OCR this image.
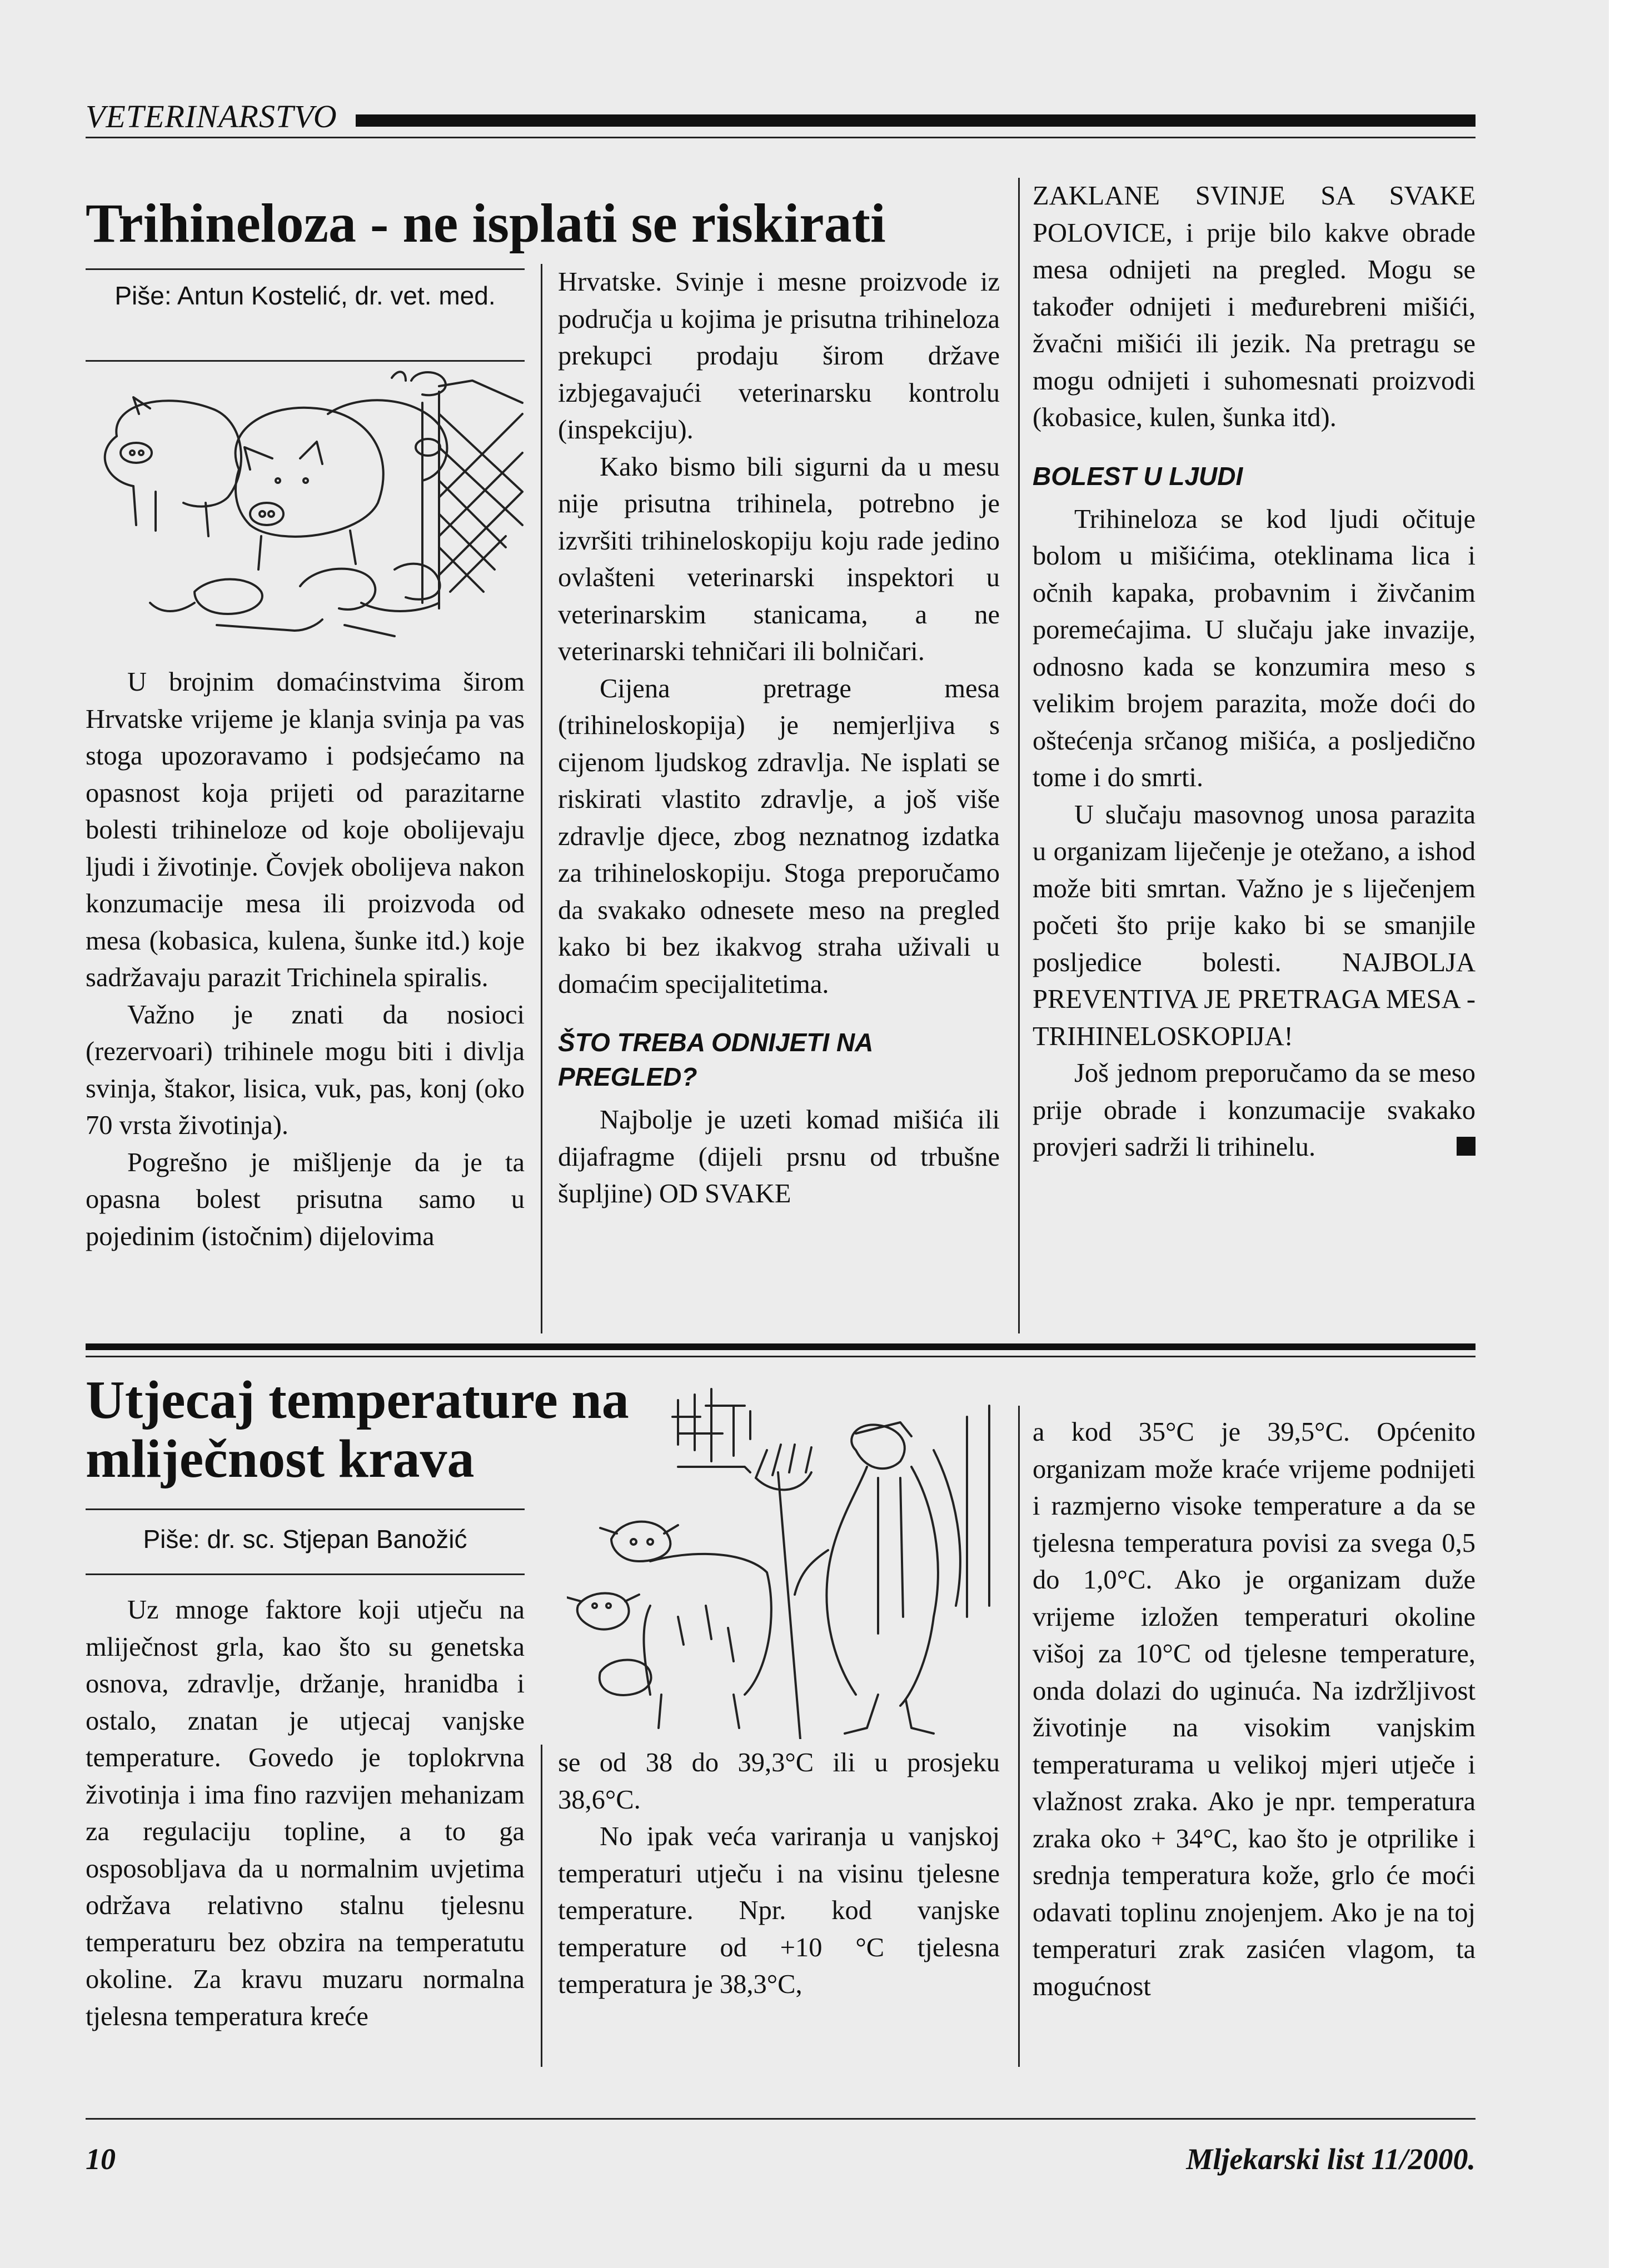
VETERINARSTVO
Trihineloza - ne isplati se riskirati
Piše: Antun Kostelić, dr. vet. med.

U brojnim domaćinstvima širom Hrvatske vrijeme je klanja svinja pa vas stoga upozoravamo i podsjećamo na opasnost koja prijeti od parazitarne bolesti trihineloze od koje obolijevaju ljudi i životinje. Čovjek obolijeva nakon konzumacije mesa ili proizvoda od mesa (kobasica, kulena, šunke itd.) koje sadržavaju parazit Trichinela spiralis.

Važno je znati da nosioci (rezervoari) trihinele mogu biti i divlja svinja, štakor, lisica, vuk, pas, konj (oko 70 vrsta životinja).

Pogrešno je mišljenje da je ta opasna bolest prisutna samo u pojedinim (istočnim) dijelovima

Hrvatske. Svinje i mesne proizvode iz područja u kojima je prisutna trihineloza prekupci prodaju širom države izbjegavajući veterinarsku kontrolu (inspekciju).

Kako bismo bili sigurni da u mesu nije prisutna trihinela, potrebno je izvršiti trihineloskopiju koju rade jedino ovlašteni veterinarski inspektori u veterinarskim stanicama, a ne veterinarski tehničari ili bolničari.

Cijena pretrage mesa (trihineloskopija) je nemjerljiva s cijenom ljudskog zdravlja. Ne isplati se riskirati vlastito zdravlje, a još više zdravlje djece, zbog neznatnog izdatka za trihineloskopiju. Stoga preporučamo da svakako odnesete meso na pregled kako bi bez ikakvog straha uživali u domaćim specijalitetima.

ŠTO TREBA ODNIJETI NA PREGLED?

Najbolje je uzeti komad mišića ili dijafragme (dijeli prsnu od trbušne šupljine) OD SVAKE

ZAKLANE SVINJE SA SVAKE POLOVICE, i prije bilo kakve obrade mesa odnijeti na pregled. Mogu se također odnijeti i međurebreni mišići, žvačni mišići ili jezik. Na pretragu se mogu odnijeti i suhomesnati proizvodi (kobasice, kulen, šunka itd).

BOLEST U LJUDI

Trihineloza se kod ljudi očituje bolom u mišićima, oteklinama lica i očnih kapaka, probavnim i živčanim poremećajima. U slučaju jake invazije, odnosno kada se konzumira meso s velikim brojem parazita, može doći do oštećenja srčanog mišića, a posljedično tome i do smrti.

U slučaju masovnog unosa parazita u organizam liječenje je otežano, a ishod može biti smrtan. Važno je s liječenjem početi što prije kako bi se smanjile posljedice bolesti. NAJBOLJA PREVENTIVA JE PRETRAGA MESA - TRIHINELOSKOPIJA!

Još jednom preporučamo da se meso prije obrade i konzumacije svakako provjeri sadrži li trihinelu.

Utjecaj temperature na mliječnost krava
Piše: dr. sc. Stjepan Banožić

Uz mnoge faktore koji utječu na mliječnost grla, kao što su genetska osnova, zdravlje, držanje, hranidba i ostalo, znatan je utjecaj vanjske temperature. Govedo je toplokrvna životinja i ima fino razvijen mehanizam za regulaciju topline, a to ga osposobljava da u normalnim uvjetima održava relativno stalnu tjelesnu temperaturu bez obzira na temperatutu okoline. Za kravu muzaru normalna tjelesna temperatura kreće

se od 38 do 39,3°C ili u prosjeku 38,6°C.

No ipak veća variranja u vanjskoj temperaturi utječu i na visinu tjelesne temperature. Npr. kod vanjske temperature od +10 °C tjelesna temperatura je 38,3°C,

a kod 35°C je 39,5°C. Općenito organizam može kraće vrijeme podnijeti i razmjerno visoke temperature a da se tjelesna temperatura povisi za svega 0,5 do 1,0°C. Ako je organizam duže vrijeme izložen temperaturi okoline višoj za 10°C od tjelesne temperature, onda dolazi do uginuća. Na izdržljivost životinje na visokim vanjskim temperaturama u velikoj mjeri utječe i vlažnost zraka. Ako je npr. temperatura zraka oko + 34°C, kao što je otprilike i srednja temperatura kože, grlo će moći odavati toplinu znojenjem. Ako je na toj temperaturi zrak zasićen vlagom, ta mogućnost

10	Mljekarski list 11/2000.
